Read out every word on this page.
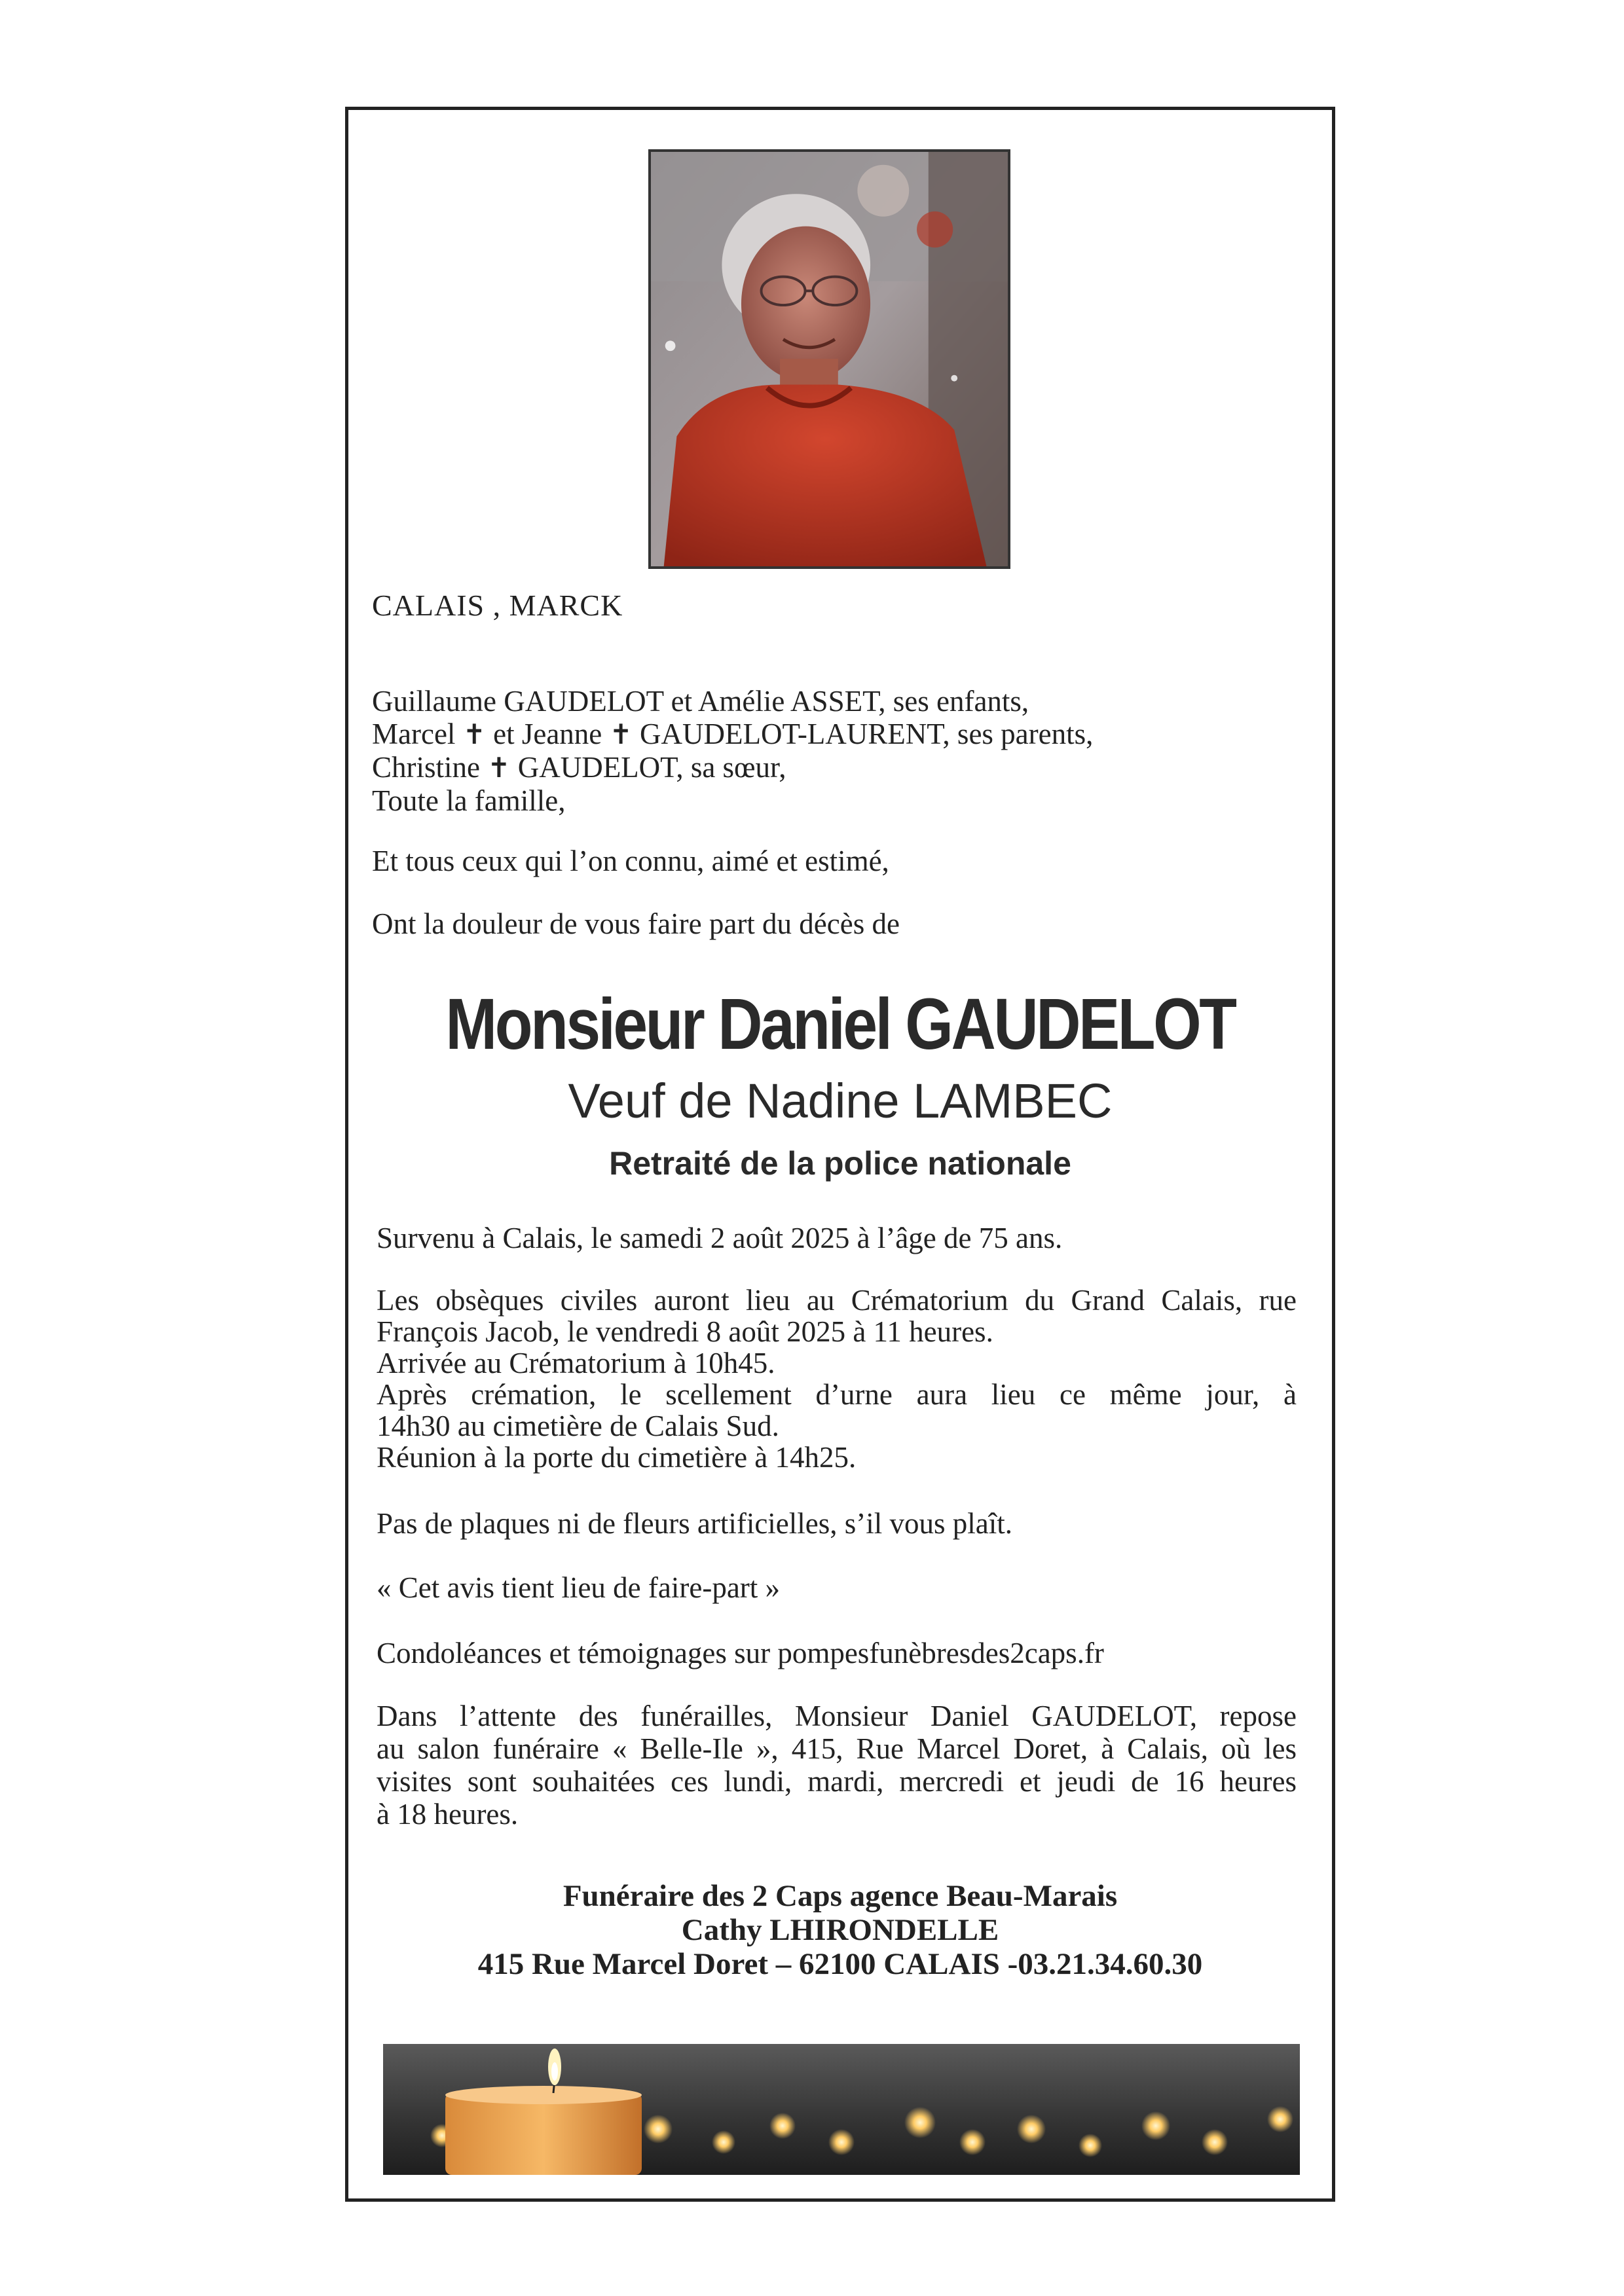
CALAIS , MARCK
Guillaume GAUDELOT et Amélie ASSET, ses enfants,
Marcel ✝ et Jeanne ✝ GAUDELOT-LAURENT, ses parents,
Christine ✝ GAUDELOT, sa sœur,
Toute la famille,
Et tous ceux qui l’on connu, aimé et estimé,
Ont la douleur de vous faire part du décès de
Monsieur Daniel GAUDELOT
Veuf de Nadine LAMBEC
Retraité de la police nationale
Survenu à Calais, le samedi 2 août 2025 à l’âge de 75 ans.
Les obsèques civiles auront lieu au Crématorium du Grand Calais, rue
François Jacob, le vendredi 8 août 2025 à 11 heures.
Arrivée au Crématorium à 10h45.
Après crémation, le scellement d’urne aura lieu ce même jour, à
14h30 au cimetière de Calais Sud.
Réunion à la porte du cimetière à 14h25.
Pas de plaques ni de fleurs artificielles, s’il vous plaît.
« Cet avis tient lieu de faire-part »
Condoléances et témoignages sur pompesfunèbresdes2caps.fr
Dans l’attente des funérailles, Monsieur Daniel GAUDELOT, repose
au salon funéraire « Belle-Ile », 415, Rue Marcel Doret, à Calais, où les
visites sont souhaitées ces lundi, mardi, mercredi et jeudi de 16 heures
à 18 heures.
Funéraire des 2 Caps agence Beau-Marais
Cathy LHIRONDELLE
415 Rue Marcel Doret – 62100 CALAIS -03.21.34.60.30
